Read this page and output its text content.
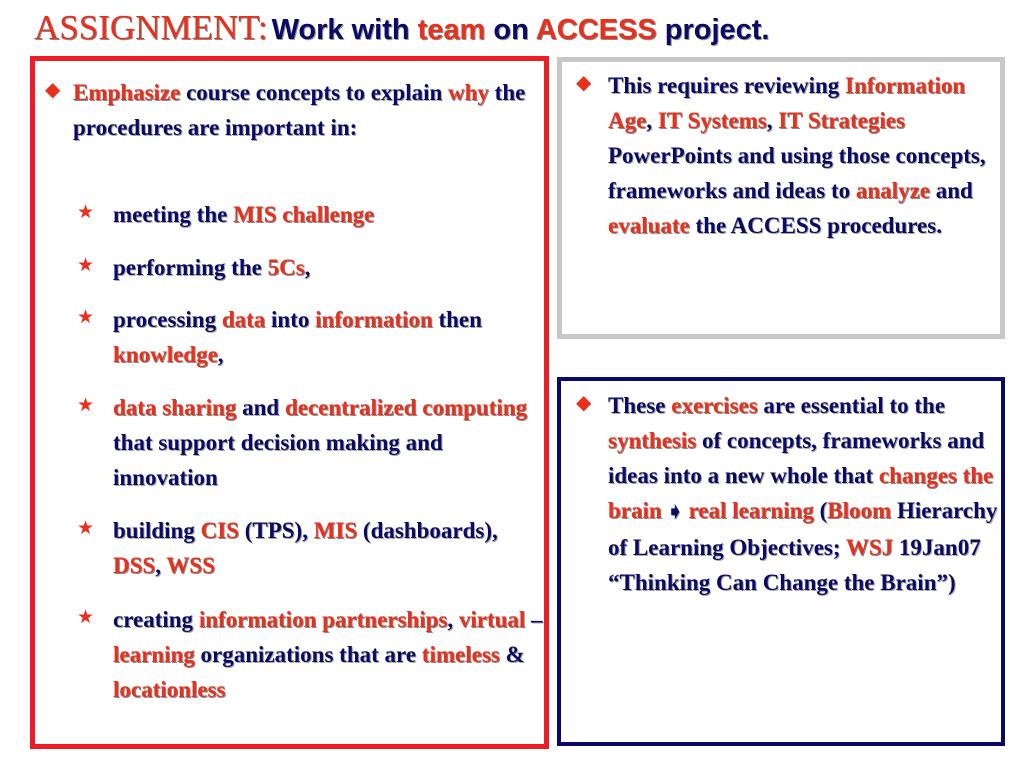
ASSIGNMENT: Work with team on ACCESS project.
◆ Emphasize course concepts to explain why the procedures are important in:
★ meeting the MIS challenge
★ performing the 5Cs,
★ processing data into information then knowledge,
★ data sharing and decentralized computing that support decision making and innovation
★ building CIS (TPS), MIS (dashboards), DSS, WSS
★ creating information partnerships, virtual – learning organizations that are timeless & locationless
◆ This requires reviewing Information Age, IT Systems, IT Strategies PowerPoints and using those concepts, frameworks and ideas to analyze and evaluate the ACCESS procedures.
◆ These exercises are essential to the synthesis of concepts, frameworks and ideas into a new whole that changes the brain ➧ real learning (Bloom Hierarchy of Learning Objectives; WSJ 19Jan07 “Thinking Can Change the Brain”)
